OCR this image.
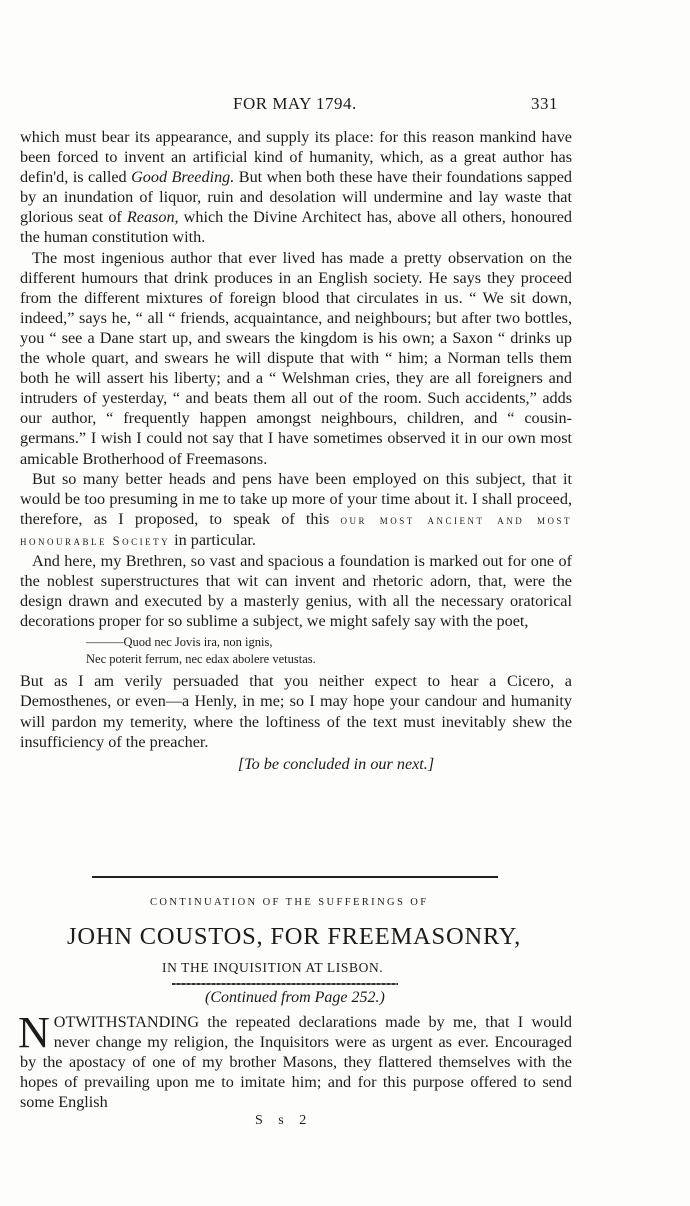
FOR MAY 1794.	331

which must bear its appearance, and supply its place: for this reason mankind have been forced to invent an artificial kind of humanity, which, as a great author has defin'd, is called Good Breeding. But when both these have their foundations sapped by an inundation of liquor, ruin and desolation will undermine and lay waste that glorious seat of Reason, which the Divine Architect has, above all others, honoured the human constitution with.

The most ingenious author that ever lived has made a pretty observation on the different humours that drink produces in an English society. He says they proceed from the different mixtures of foreign blood that circulates in us. “ We sit down, indeed,” says he, “ all “ friends, acquaintance, and neighbours; but after two bottles, you “ see a Dane start up, and swears the kingdom is his own; a Saxon “ drinks up the whole quart, and swears he will dispute that with “ him; a Norman tells them both he will assert his liberty; and a “ Welshman cries, they are all foreigners and intruders of yesterday, “ and beats them all out of the room. Such accidents,” adds our author, “ frequently happen amongst neighbours, children, and “ cousin-germans.” I wish I could not say that I have sometimes observed it in our own most amicable Brotherhood of Freemasons.

But so many better heads and pens have been employed on this subject, that it would be too presuming in me to take up more of your time about it. I shall proceed, therefore, as I proposed, to speak of this our most ancient and most honourable Society in particular.

And here, my Brethren, so vast and spacious a foundation is marked out for one of the noblest superstructures that wit can invent and rhetoric adorn, that, were the design drawn and executed by a masterly genius, with all the necessary oratorical decorations proper for so sublime a subject, we might safely say with the poet,

———Quod nec Jovis ira, non ignis,
Nec poterit ferrum, nec edax abolere vetustas.

But as I am verily persuaded that you neither expect to hear a Cicero, a Demosthenes, or even—a Henly, in me; so I may hope your candour and humanity will pardon my temerity, where the loftiness of the text must inevitably shew the insufficiency of the preacher.

[To be concluded in our next.]
CONTINUATION OF THE SUFFERINGS OF
JOHN COUSTOS, FOR FREEMASONRY,
IN THE INQUISITION AT LISBON.
(Continued from Page 252.)
NOTWITHSTANDING the repeated declarations made by me, that I would never change my religion, the Inquisitors were as urgent as ever. Encouraged by the apostacy of one of my brother Masons, they flattered themselves with the hopes of prevailing upon me to imitate him; and for this purpose offered to send some English
S s 2
